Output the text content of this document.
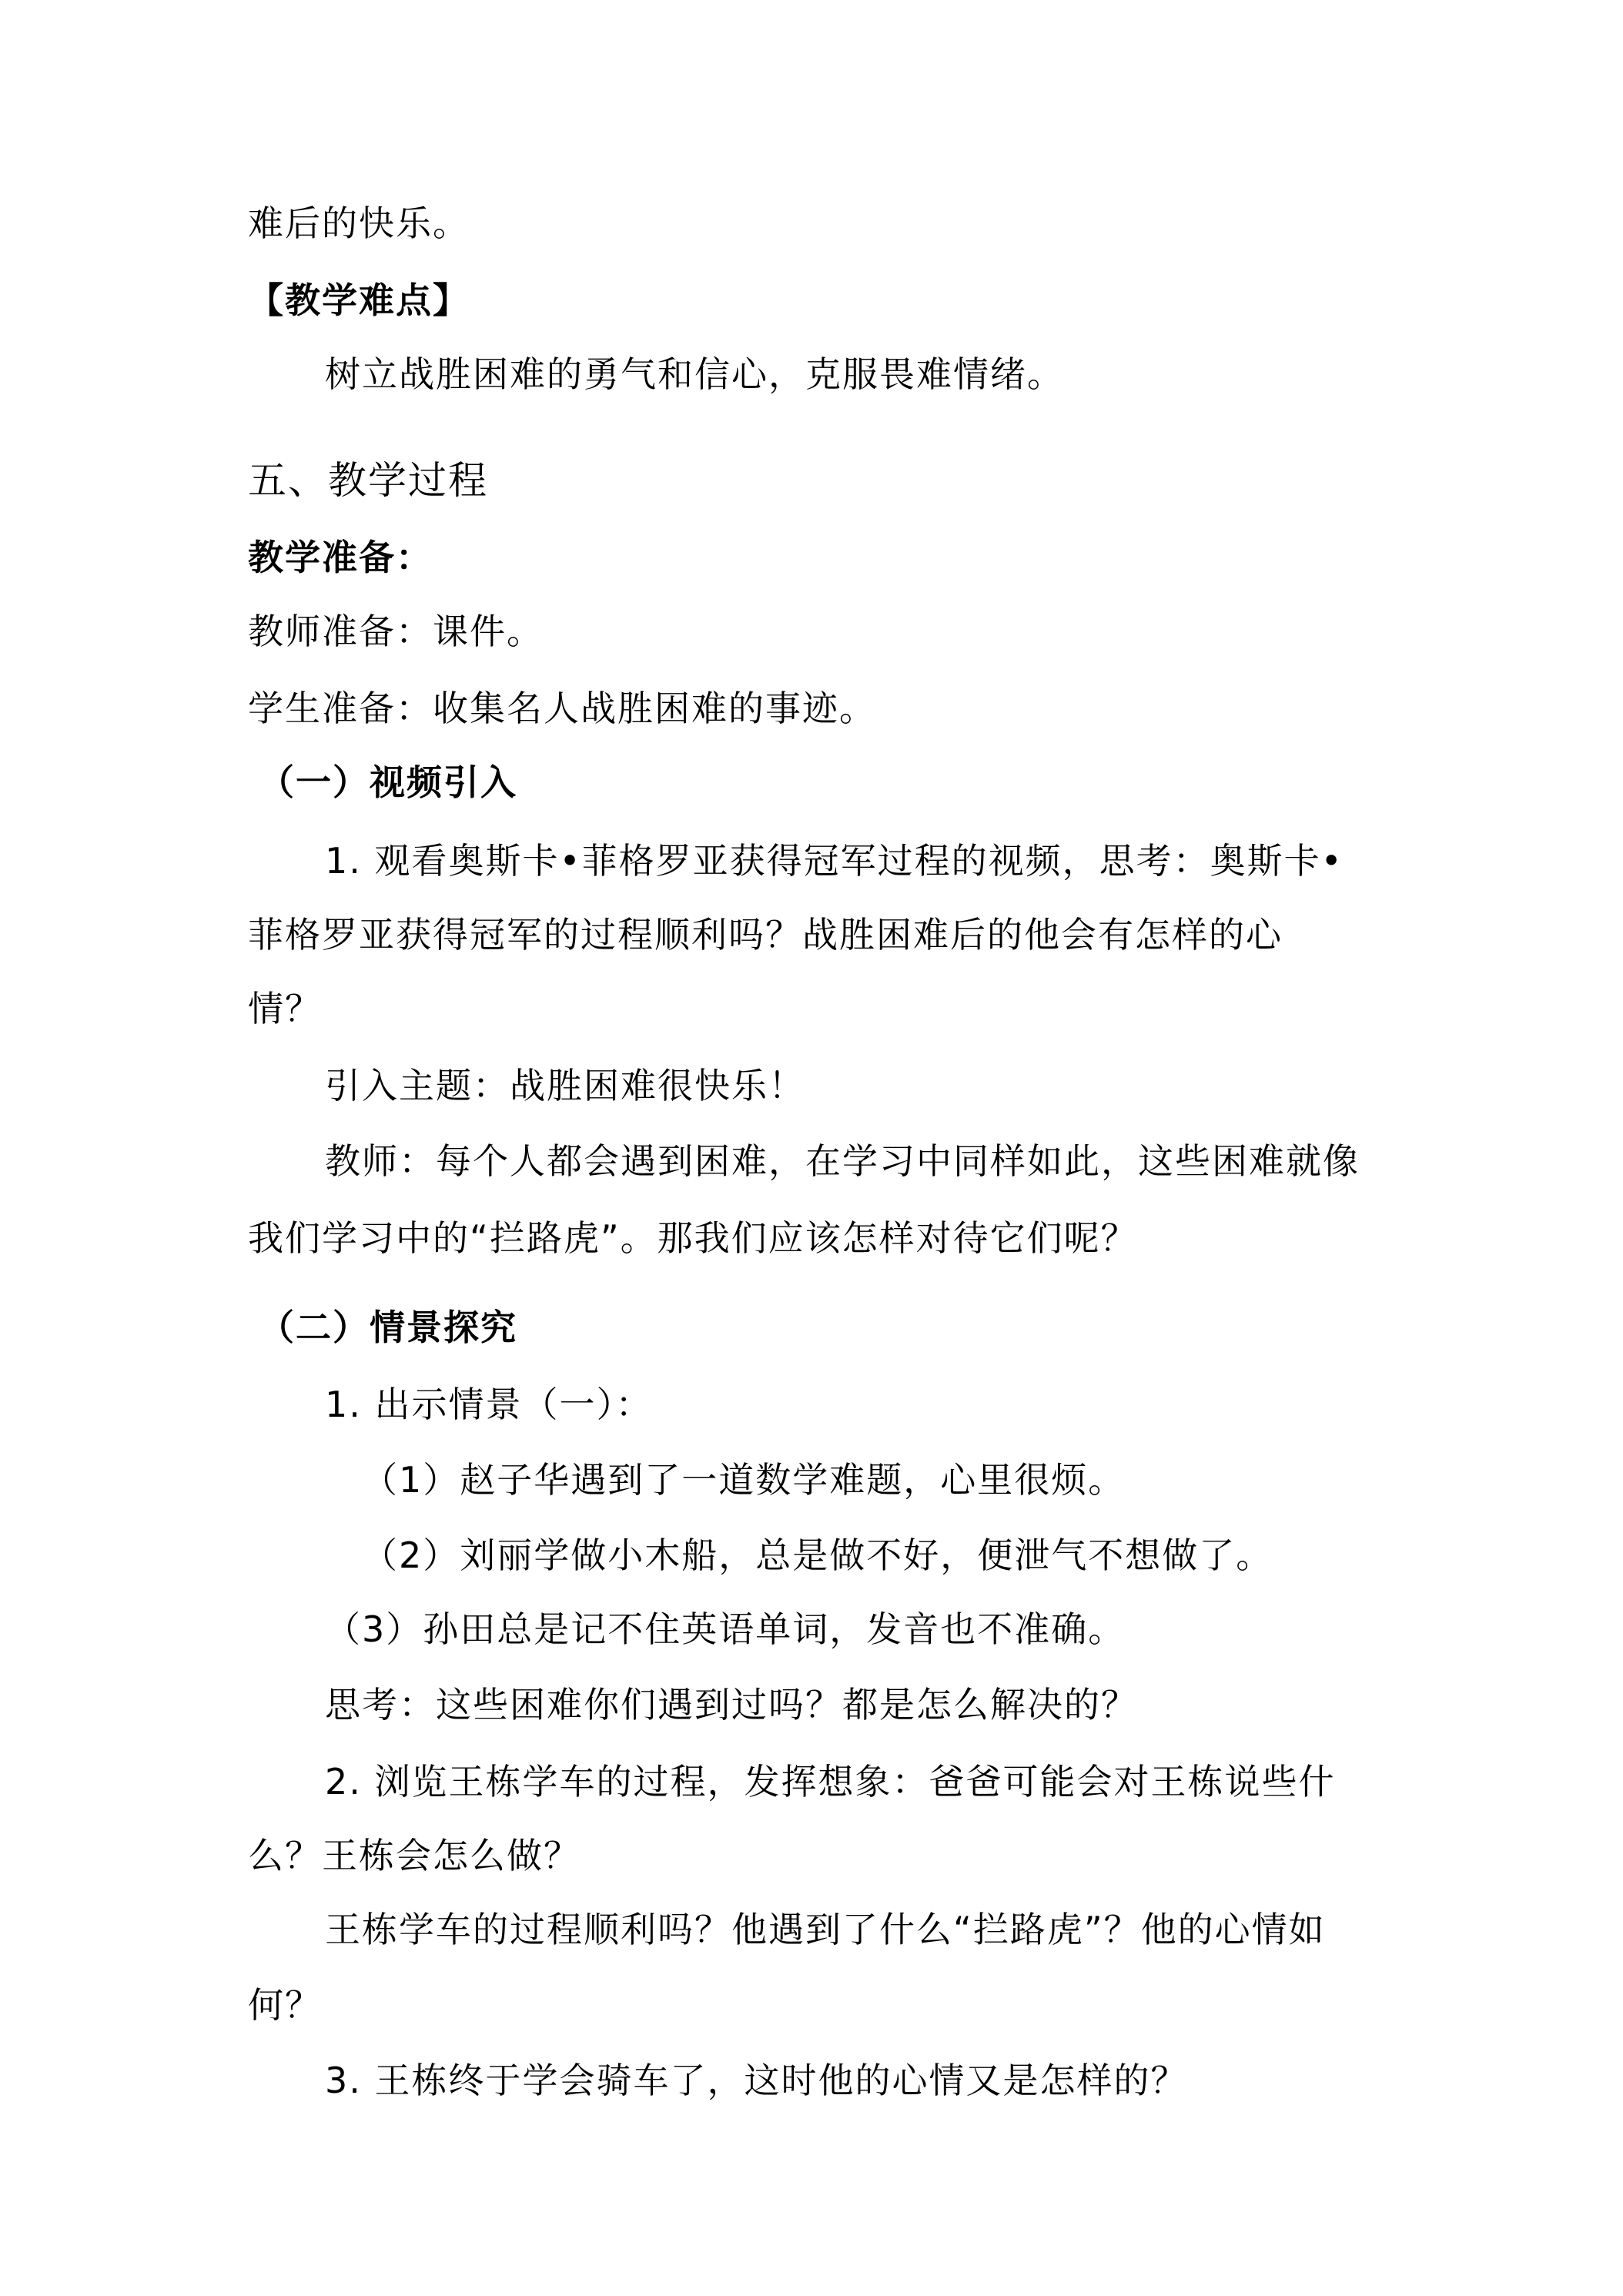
难后的快乐。
【教学难点】
树立战胜困难的勇气和信心，克服畏难情绪。
五、教学过程
教学准备：
教师准备：课件。
学生准备：收集名人战胜困难的事迹。
（一）视频引入
1. 观看奥斯卡•菲格罗亚获得冠军过程的视频，思考：奥斯卡•
菲格罗亚获得冠军的过程顺利吗？战胜困难后的他会有怎样的心
情？
引入主题：战胜困难很快乐！
教师：每个人都会遇到困难，在学习中同样如此，这些困难就像
我们学习中的“拦路虎”。那我们应该怎样对待它们呢？
（二）情景探究
1. 出示情景（一）：
（1）赵子华遇到了一道数学难题，心里很烦。
（2）刘丽学做小木船，总是做不好，便泄气不想做了。
（3）孙田总是记不住英语单词，发音也不准确。
思考：这些困难你们遇到过吗？都是怎么解决的？
2. 浏览王栋学车的过程，发挥想象：爸爸可能会对王栋说些什
么？王栋会怎么做？
王栋学车的过程顺利吗？他遇到了什么“拦路虎”？他的心情如
何？
3. 王栋终于学会骑车了，这时他的心情又是怎样的？
